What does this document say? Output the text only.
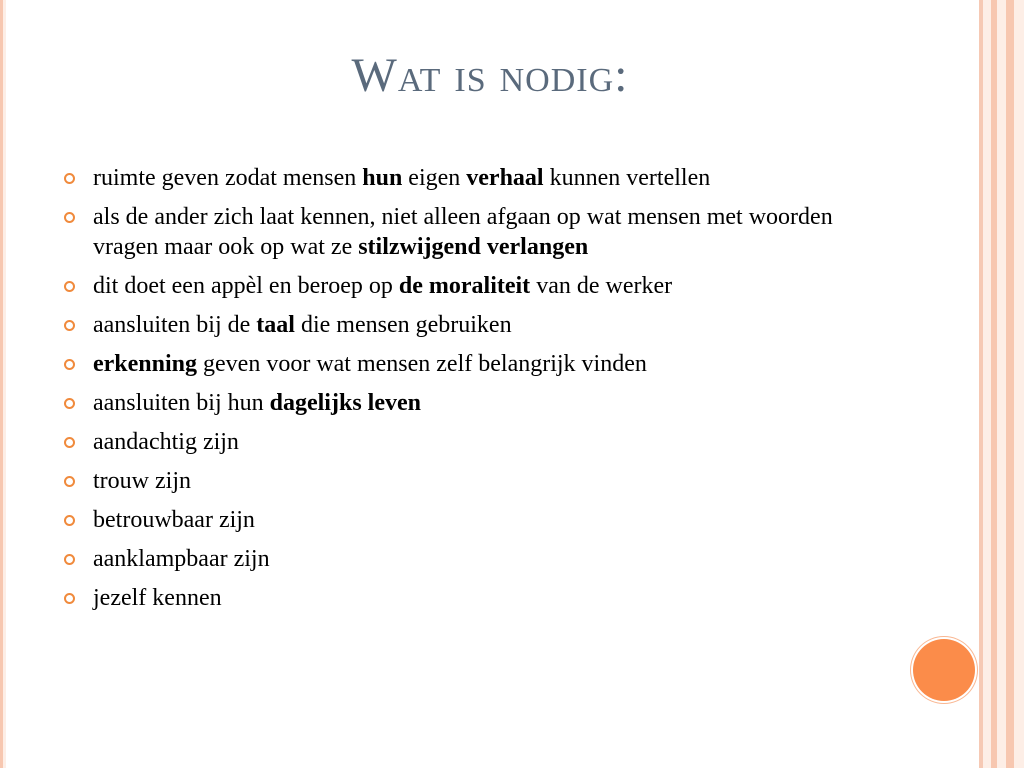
Wat is nodig:
ruimte geven zodat mensen hun eigen verhaal kunnen vertellen
als de ander zich laat kennen, niet alleen afgaan op wat mensen met woorden vragen maar ook op wat ze stilzwijgend verlangen
dit doet een appèl en beroep op de moraliteit van de werker
aansluiten bij de taal die mensen gebruiken
erkenning geven voor wat mensen zelf belangrijk vinden
aansluiten bij hun dagelijks leven
aandachtig zijn
trouw zijn
betrouwbaar zijn
aanklampbaar zijn
jezelf kennen
